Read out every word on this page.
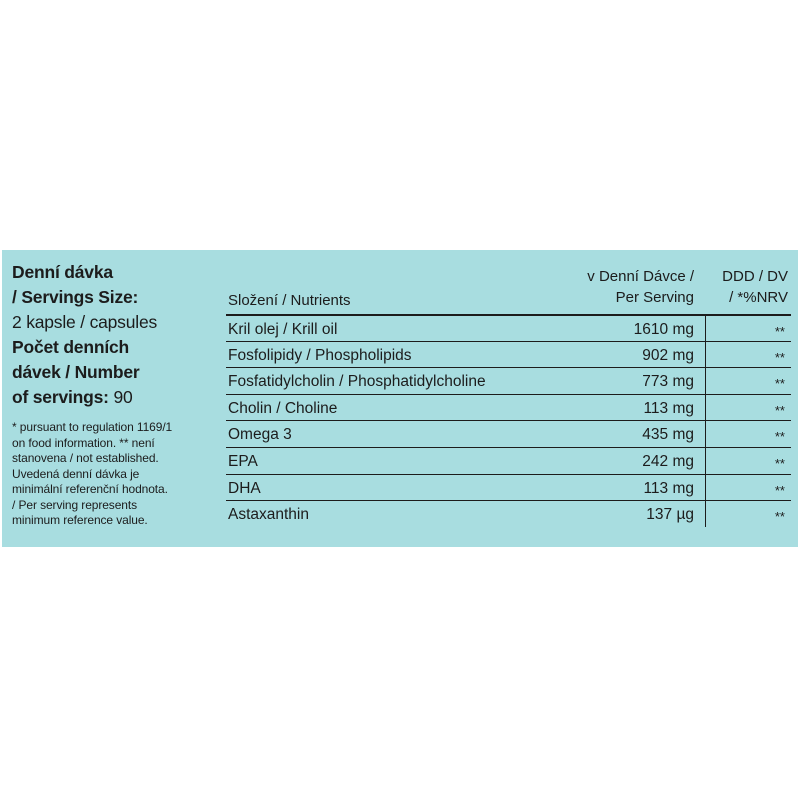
Denní dávka
/ Servings Size:
2 kapsle / capsules
Počet denních
dávek / Number
of servings: 90
* pursuant to regulation 1169/1
on food information. ** není
stanovena / not established.
Uvedená denní dávka je
minimální referenční hodnota.
/ Per serving represents
minimum reference value.
Složení / Nutrients
v Denní Dávce /
Per Serving
DDD / DV
/ *%NRV
Kril olej / Krill oil	1610 mg	**
Fosfolipidy / Phospholipids	902 mg	**
Fosfatidylcholin / Phosphatidylcholine	773 mg	**
Cholin / Choline	113 mg	**
Omega 3	435 mg	**
EPA	242 mg	**
DHA	113 mg	**
Astaxanthin	137 µg	**
